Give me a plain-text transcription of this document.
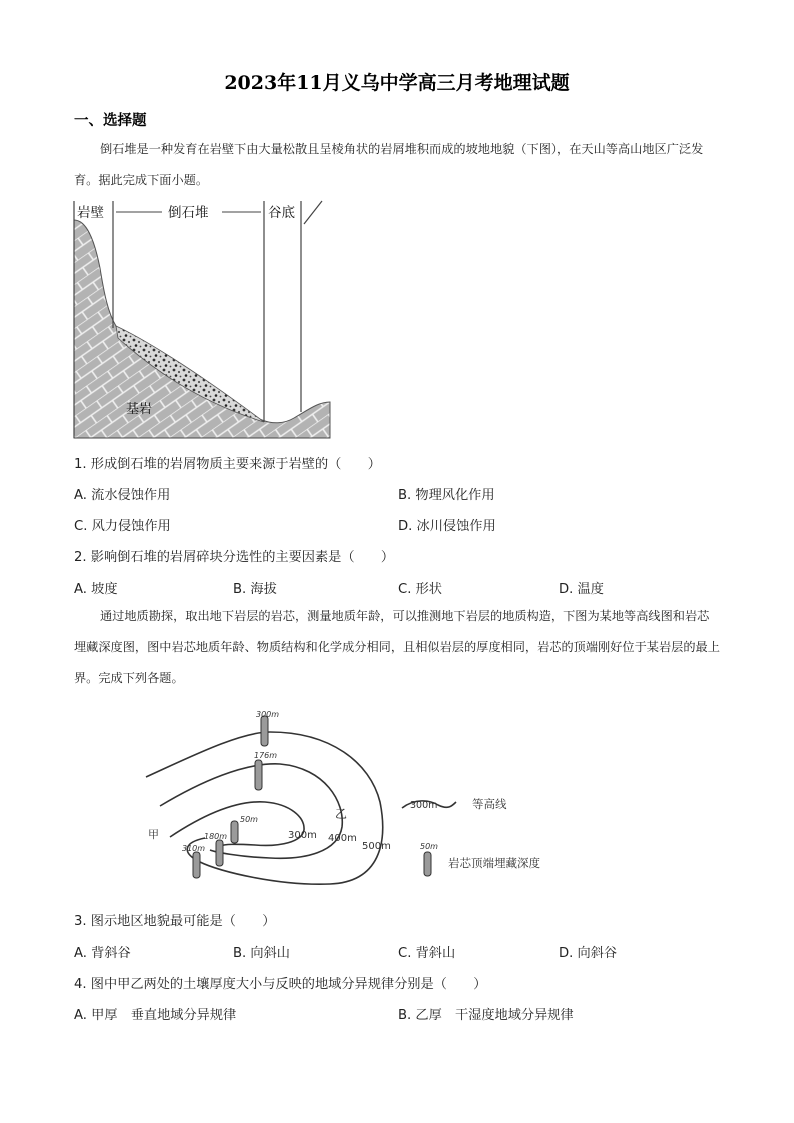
2023年11月义乌中学高三月考地理试题
一、选择题
倒石堆是一种发育在岩壁下由大量松散且呈棱角状的岩屑堆积而成的坡地地貌（下图），在天山等高山地区广泛发育。据此完成下面小题。
岩壁	倒石堆	谷底
基岩
1. 形成倒石堆的岩屑物质主要来源于岩壁的（　　）
A. 流水侵蚀作用	B. 物理风化作用
C. 风力侵蚀作用	D. 冰川侵蚀作用
2. 影响倒石堆的岩屑碎块分选性的主要因素是（　　）
A. 坡度	B. 海拔	C. 形状	D. 温度
通过地质勘探，取出地下岩层的岩芯，测量地质年龄，可以推测地下岩层的地质构造，下图为某地等高线图和岩芯埋藏深度图，图中岩芯地质年龄、物质结构和化学成分相同，且相似岩层的厚度相同，岩芯的顶端刚好位于某岩层的最上界。完成下列各题。
300m 400m
500m
甲
乙
300m
176m
50m
180m
310m
300m	等高线
50m
岩芯顶端埋藏深度
3. 图示地区地貌最可能是（　　）
A. 背斜谷	B. 向斜山	C. 背斜山	D. 向斜谷
4. 图中甲乙两处的土壤厚度大小与反映的地域分异规律分别是（　　）
A. 甲厚　垂直地域分异规律	B. 乙厚　干湿度地域分异规律
